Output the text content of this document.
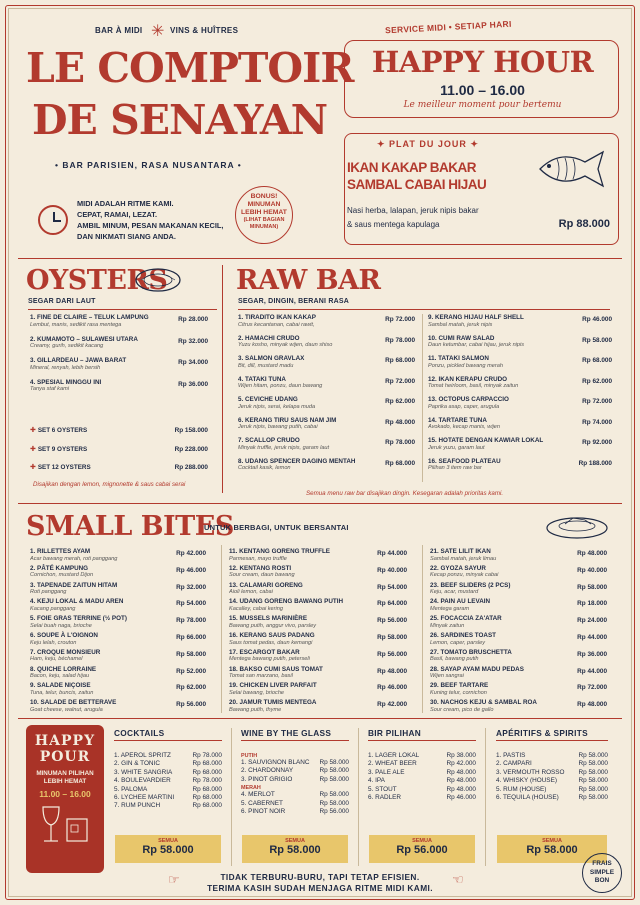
BAR À MIDI ✳ VINS & HUÎTRES
LE COMPTOIR
DE SENAYAN
• BAR PARISIEN, RASA NUSANTARA •
MIDI ADALAH RITME KAMI.
CEPAT, RAMAI, LEZAT.
AMBIL MINUM, PESAN MAKANAN KECIL,
DAN NIKMATI SIANG ANDA.
BONUS!
MINUMAN
LEBIH HEMAT
(LIHAT BAGIAN
MINUMAN)
SERVICE MIDI • SETIAP HARI
HAPPY HOUR
11.00 – 16.00
Le meilleur moment pour bertemu
✦ PLAT DU JOUR ✦
IKAN KAKAP BAKAR
SAMBAL CABAI HIJAU
Nasi herba, lalapan, jeruk nipis bakar
& saus mentega kapulaga	Rp 88.000
OYSTERS
SEGAR DARI LAUT
1. FINE DE CLAIRE – TELUK LAMPUNG
Lembut, manis, sedikit rasa mentega
Rp 28.000
2. KUMAMOTO – SULAWESI UTARA
Creamy, gurih, sedikit kacang
Rp 32.000
3. GILLARDEAU – JAWA BARAT
Mineral, renyah, lebih bersih
Rp 34.000
4. SPESIAL MINGGU INI
Tanya staf kami
Rp 36.000
✚ SET 6 OYSTERS	Rp 158.000
✚ SET 9 OYSTERS	Rp 228.000
✚ SET 12 OYSTERS	Rp 288.000
Disajikan dengan lemon, mignonette & saus cabai serai
RAW BAR
SEGAR, DINGIN, BERANI RASA
1. TIRADITO IKAN KAKAP
Citrus kecantanan, cabai rawit,
Rp 72.000
2. HAMACHI CRUDO
Yuzu kosho, minyak wijen, daun shiso
Rp 78.000
3. SALMON GRAVLAX
Bit, dill, mustard madu
Rp 68.000
4. TATAKI TUNA
Wijen hitam, ponzu, daun bawang
Rp 72.000
5. CEVICHE UDANG
Jeruk nipis, serai, kelapa muda
Rp 62.000
6. KERANG TIRU SAUS NAM JIM
Jeruk nipis, bawang putih, cabai
Rp 48.000
7. SCALLOP CRUDO
Minyak truffle, jeruk nipis, garam laut
Rp 78.000
8. UDANG SPENCER DAGING MENTAH
Cocktail kasik, lemon
Rp 68.000
9. KERANG HIJAU HALF SHELL
Sambal matah, jeruk nipis
Rp 46.000
10. CUMI RAW SALAD
Daun ketumbar, cabai hijau, jeruk nipis
Rp 58.000
11. TATAKI SALMON
Ponzu, pickled bawang merah
Rp 68.000
12. IKAN KERAPU CRUDO
Tomat heirloom, basil, minyak zaitun
Rp 62.000
13. OCTOPUS CARPACCIO
Paprika asap, caper, arugula
Rp 72.000
14. TARTARE TUNA
Avokado, kecap manis, wijen
Rp 74.000
15. HOTATE DENGAN KAWIAR LOKAL
Jeruk yuzu, garam laut
Rp 92.000
16. SEAFOOD PLATEAU
Pilihan 3 item raw bar
Rp 188.000
Semua menu raw bar disajikan dingin. Kesegaran adalah prioritas kami.
SMALL BITES
UNTUK BERBAGI, UNTUK BERSANTAI
1. RILLETTES AYAM
Acar bawang merah, roti panggang
Rp 42.000
2. PÂTÉ KAMPUNG
Cornichon, mustard Dijon
Rp 46.000
3. TAPENADE ZAITUN HITAM
Roti panggang
Rp 32.000
4. KEJU LOKAL & MADU AREN
Kacang panggang
Rp 54.000
5. FOIE GRAS TERRINE (½ POT)
Selai buah naga, brioche
Rp 78.000
6. SOUPE À L'OIGNON
Keju lelah, crouton
Rp 66.000
7. CROQUE MONSIEUR
Ham, keju, béchamel
Rp 58.000
8. QUICHE LORRAINE
Bacon, keju, salad hijau
Rp 52.000
9. SALADE NIÇOISE
Tuna, telur, buncis, zaitun
Rp 62.000
10. SALADE DE BETTERAVE
Goat cheese, walnut, arugula
Rp 56.000
11. KENTANG GORENG TRUFFLE
Parmesan, mayo truffle
Rp 44.000
12. KENTANG ROSTI
Sour cream, daun bawang
Rp 40.000
13. CALAMARI GORENG
Aioli lemon, cabai
Rp 54.000
14. UDANG GORENG BAWANG PUTIH
Kacalley, cabai kering
Rp 64.000
15. MUSSELS MARINIÈRE
Bawang putih, anggur vivo, parsley
Rp 56.000
16. KERANG SAUS PADANG
Saus tomat pedas, daun kemangi
Rp 58.000
17. ESCARGOT BAKAR
Mentega bawang putih, peterseli
Rp 56.000
18. BAKSO CUMI SAUS TOMAT
Tomat san marzano, basil
Rp 48.000
19. CHICKEN LIVER PARFAIT
Selai bawang, brioche
Rp 46.000
20. JAMUR TUMIS MENTEGA
Bawang putih, thyme
Rp 42.000
21. SATE LILIT IKAN
Sambal matah, jeruk limau
Rp 48.000
22. GYOZA SAYUR
Kecap ponzu, minyak cabai
Rp 40.000
23. BEEF SLIDERS (2 PCS)
Keju, acar, mustard
Rp 58.000
24. PAIN AU LEVAIN
Mentega garam
Rp 18.000
25. FOCACCIA ZA'ATAR
Minyak zaitun
Rp 24.000
26. SARDINES TOAST
Lemon, caper, parsley
Rp 44.000
27. TOMATO BRUSCHETTA
Basil, bawang putih
Rp 36.000
28. SAYAP AYAM MADU PEDAS
Wijen sangrai
Rp 44.000
29. BEEF TARTARE
Kuning telur, cornichon
Rp 72.000
30. NACHOS KEJU & SAMBAL ROA
Sour cream, pico de gallo
Rp 48.000
HAPPY
POUR
MINUMAN PILIHAN
LEBIH HEMAT
11.00 – 16.00
COCKTAILS
1. APEROL SPRITZ	Rp 78.000
2. GIN & TONIC	Rp 68.000
3. WHITE SANGRIA	Rp 68.000
4. BOULEVARDIER	Rp 78.000
5. PALOMA	Rp 68.000
6. LYCHEE MARTINI	Rp 68.000
7. RUM PUNCH	Rp 68.000
SEMUA
Rp 58.000
WINE BY THE GLASS
PUTIH
1. SAUVIGNON BLANC Rp 58.000
2. CHARDONNAY	Rp 58.000
3. PINOT GRIGIO	Rp 58.000
MERAH
4. MERLOT	Rp 58.000
5. CABERNET	Rp 58.000
6. PINOT NOIR	Rp 56.000
SEMUA
Rp 58.000
BIR PILIHAN
1. LAGER LOKAL	Rp 38.000
2. WHEAT BEER	Rp 42.000
3. PALE ALE	Rp 48.000
4. IPA	Rp 48.000
5. STOUT	Rp 48.000
6. RADLER	Rp 46.000
SEMUA
Rp 56.000
APÉRITIFS & SPIRITS
1. PASTIS	Rp 58.000
2. CAMPARI	Rp 58.000
3. VERMOUTH ROSSO Rp 58.000
4. WHISKY (HOUSE)	Rp 58.000
5. RUM (HOUSE)	Rp 58.000
6. TEQUILA (HOUSE)	Rp 58.000
SEMUA
Rp 58.000
☞	TIDAK TERBURU-BURU, TAPI TETAP EFISIEN.
TERIMA KASIH SUDAH MENJAGA RITME MIDI KAMI.
☜
FRAIS
SIMPLE
BON
